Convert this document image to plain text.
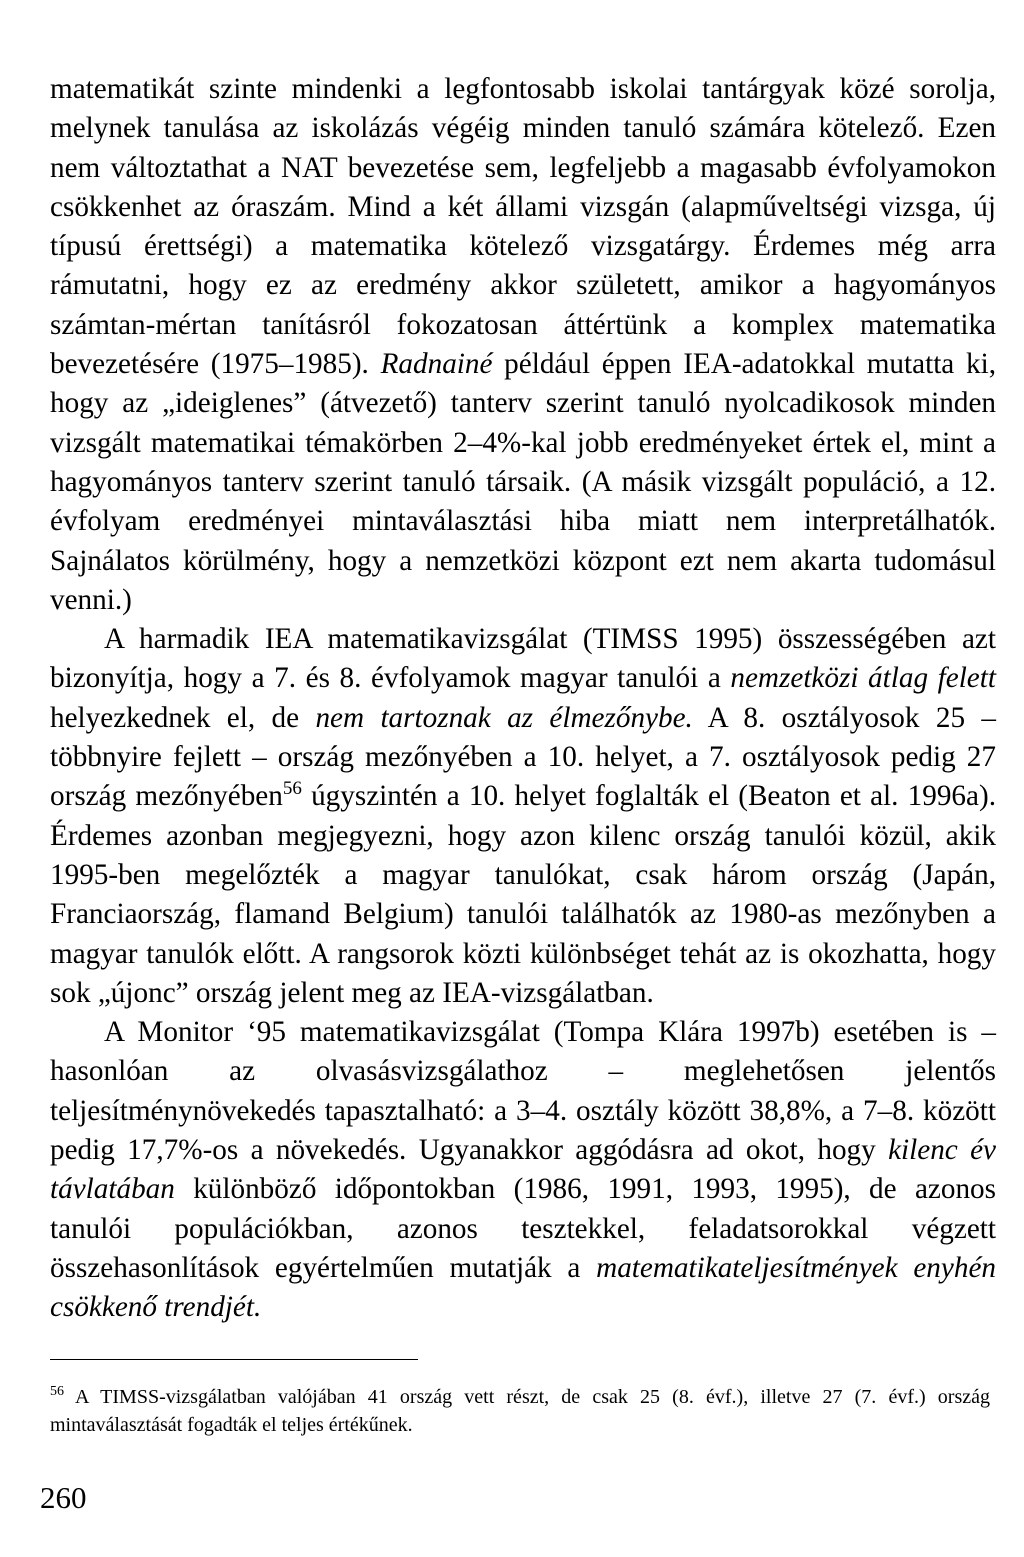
matematikát szinte mindenki a legfontosabb iskolai tantárgyak közé sorolja, melynek tanulása az iskolázás végéig minden tanuló számára kötelező. Ezen nem változtathat a NAT bevezetése sem, legfeljebb a magasabb évfolyamokon csökkenhet az óraszám. Mind a két állami vizsgán (alapműveltségi vizsga, új típusú érettségi) a matematika kötelező vizsgatárgy. Érdemes még arra rámutatni, hogy ez az eredmény akkor született, amikor a hagyományos számtan-mértan tanításról fokozatosan áttértünk a komplex matematika bevezetésére (1975–1985). Radnainé például éppen IEA-adatokkal mutatta ki, hogy az „ideiglenes” (átvezető) tanterv szerint tanuló nyolcadikosok minden vizsgált matematikai témakörben 2–4%-kal jobb eredményeket értek el, mint a hagyományos tanterv szerint tanuló társaik. (A másik vizsgált populáció, a 12. évfolyam eredményei mintaválasztási hiba miatt nem interpretálhatók. Sajnálatos körülmény, hogy a nemzetközi központ ezt nem akarta tudomásul venni.)

A harmadik IEA matematikavizsgálat (TIMSS 1995) összességében azt bizonyítja, hogy a 7. és 8. évfolyamok magyar tanulói a nemzetközi átlag felett helyezkednek el, de nem tartoznak az élmezőnybe. A 8. osztályosok 25 – többnyire fejlett – ország mezőnyében a 10. helyet, a 7. osztályosok pedig 27 ország mezőnyében$^{56}$ úgyszintén a 10. helyet foglalták el (Beaton et al. 1996a). Érdemes azonban megjegyezni, hogy azon kilenc ország tanulói közül, akik 1995-ben megelőzték a magyar tanulókat, csak három ország (Japán, Franciaország, flamand Belgium) tanulói találhatók az 1980-as mezőnyben a magyar tanulók előtt. A rangsorok közti különbséget tehát az is okozhatta, hogy sok „újonc” ország jelent meg az IEA-vizsgálatban.

A Monitor ‘95 matematikavizsgálat (Tompa Klára 1997b) esetében is – hasonlóan az olvasásvizsgálathoz – meglehetősen jelentős teljesítménynövekedés tapasztalható: a 3–4. osztály között 38,8%, a 7–8. között pedig 17,7%-os a növekedés. Ugyanakkor aggódásra ad okot, hogy kilenc év távlatában különböző időpontokban (1986, 1991, 1993, 1995), de azonos tanulói populációkban, azonos tesztekkel, feladatsorokkal végzett összehasonlítások egyértelműen mutatják a matematikateljesítmények enyhén csökkenő trendjét.

$^{56}$ A TIMSS-vizsgálatban valójában 41 ország vett részt, de csak 25 (8. évf.), illetve 27 (7. évf.) ország mintaválasztását fogadták el teljes értékűnek.

260
